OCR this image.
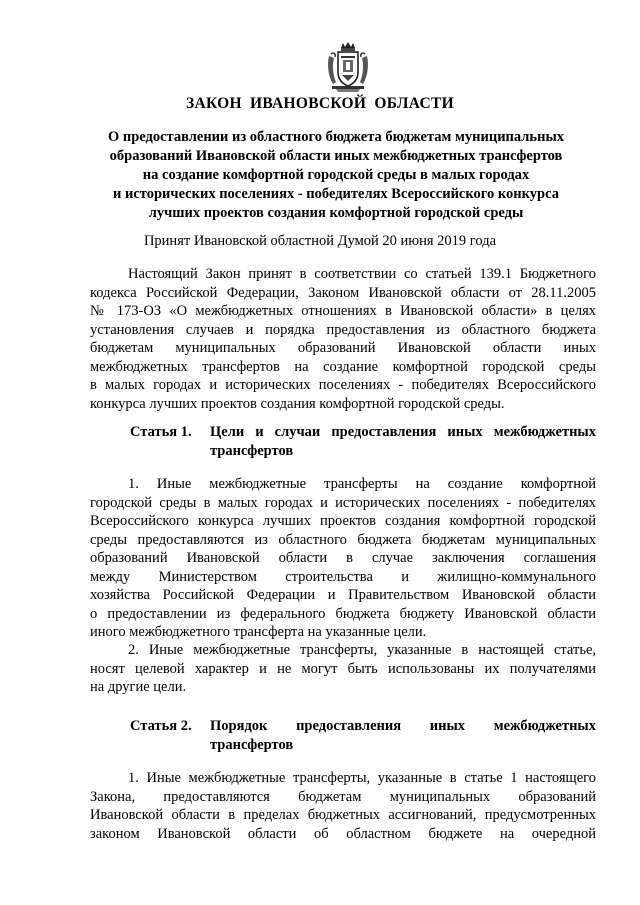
ЗАКОН ИВАНОВСКОЙ ОБЛАСТИ
О предоставлении из областного бюджета бюджетам муниципальных
образований Ивановской области иных межбюджетных трансфертов
на создание комфортной городской среды в малых городах
и исторических поселениях - победителях Всероссийского конкурса
лучших проектов создания комфортной городской среды
Принят Ивановской областной Думой 20 июня 2019 года
Настоящий Закон принят в соответствии со статьей 139.1 Бюджетного
кодекса Российской Федерации, Законом Ивановской области от 28.11.2005
№ 173-ОЗ «О межбюджетных отношениях в Ивановской области» в целях
установления случаев и порядка предоставления из областного бюджета
бюджетам муниципальных образований Ивановской области иных
межбюджетных трансфертов на создание комфортной городской среды
в малых городах и исторических поселениях - победителях Всероссийского
конкурса лучших проектов создания комфортной городской среды.
Статья 1. Цели и случаи предоставления иных межбюджетных
трансфертов
1. Иные межбюджетные трансферты на создание комфортной
городской среды в малых городах и исторических поселениях - победителях
Всероссийского конкурса лучших проектов создания комфортной городской
среды предоставляются из областного бюджета бюджетам муниципальных
образований Ивановской области в случае заключения соглашения
между Министерством строительства и жилищно-коммунального
хозяйства Российской Федерации и Правительством Ивановской области
о предоставлении из федерального бюджета бюджету Ивановской области
иного межбюджетного трансферта на указанные цели.
2. Иные межбюджетные трансферты, указанные в настоящей статье,
носят целевой характер и не могут быть использованы их получателями
на другие цели.
Статья 2. Порядок предоставления иных межбюджетных
трансфертов
1. Иные межбюджетные трансферты, указанные в статье 1 настоящего
Закона, предоставляются бюджетам муниципальных образований
Ивановской области в пределах бюджетных ассигнований, предусмотренных
законом Ивановской области об областном бюджете на очередной
